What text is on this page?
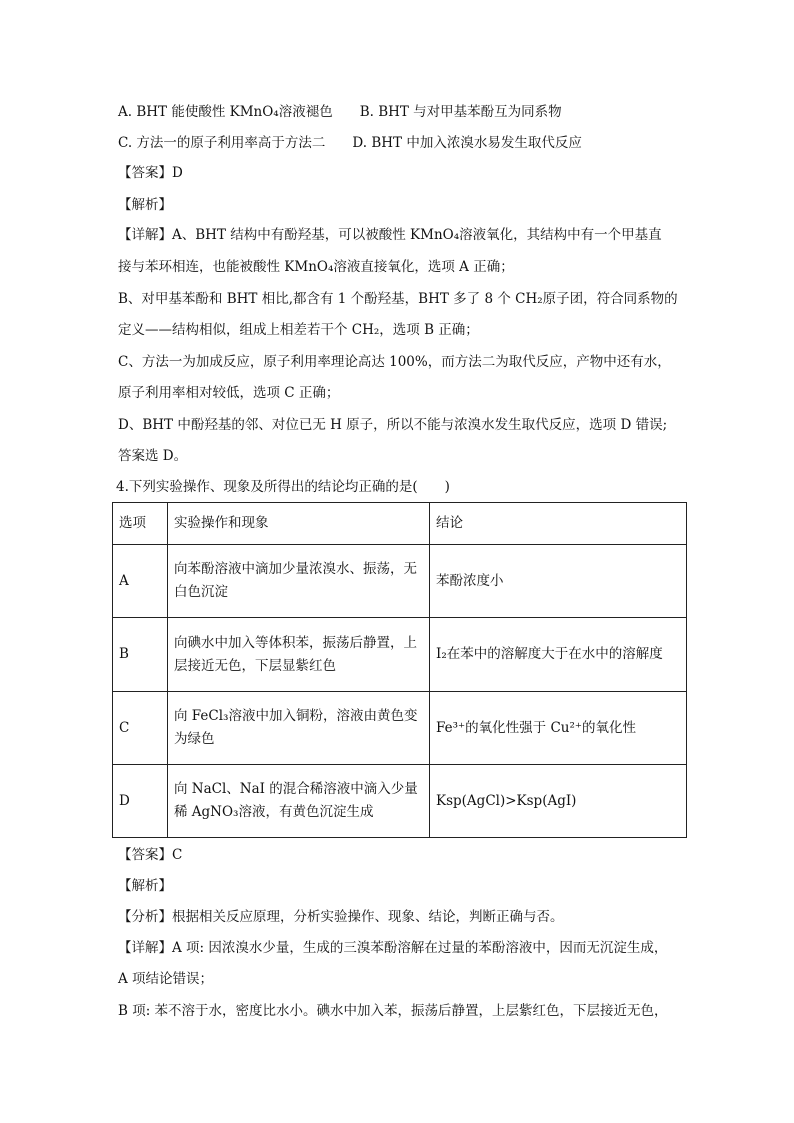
A. BHT 能使酸性 KMnO₄溶液褪色　　B. BHT 与对甲基苯酚互为同系物
C. 方法一的原子利用率高于方法二　　D. BHT 中加入浓溴水易发生取代反应
【答案】D
【解析】
【详解】A、BHT 结构中有酚羟基，可以被酸性 KMnO₄溶液氧化，其结构中有一个甲基直
接与苯环相连，也能被酸性 KMnO₄溶液直接氧化，选项 A 正确；
B、对甲基苯酚和 BHT 相比,都含有 1 个酚羟基，BHT 多了 8 个 CH₂原子团，符合同系物的
定义——结构相似，组成上相差若干个 CH₂，选项 B 正确；
C、方法一为加成反应，原子利用率理论高达 100%，而方法二为取代反应，产物中还有水，
原子利用率相对较低，选项 C 正确；
D、BHT 中酚羟基的邻、对位已无 H 原子，所以不能与浓溴水发生取代反应，选项 D 错误;
答案选 D。
4.下列实验操作、现象及所得出的结论均正确的是(　　)
选项	实验操作和现象	结论
A	向苯酚溶液中滴加少量浓溴水、振荡，无
白色沉淀	苯酚浓度小
B	向碘水中加入等体积苯，振荡后静置，上
层接近无色，下层显紫红色	I₂在苯中的溶解度大于在水中的溶解度
C	向 FeCl₃溶液中加入铜粉，溶液由黄色变
为绿色	Fe³⁺的氧化性强于 Cu²⁺的氧化性
D	向 NaCl、NaI 的混合稀溶液中滴入少量
稀 AgNO₃溶液，有黄色沉淀生成	Ksp(AgCl)>Ksp(AgI)
【答案】C
【解析】
【分析】根据相关反应原理，分析实验操作、现象、结论，判断正确与否。
【详解】A 项: 因浓溴水少量，生成的三溴苯酚溶解在过量的苯酚溶液中，因而无沉淀生成，
A 项结论错误；
B 项: 苯不溶于水，密度比水小。碘水中加入苯，振荡后静置，上层紫红色，下层接近无色，
